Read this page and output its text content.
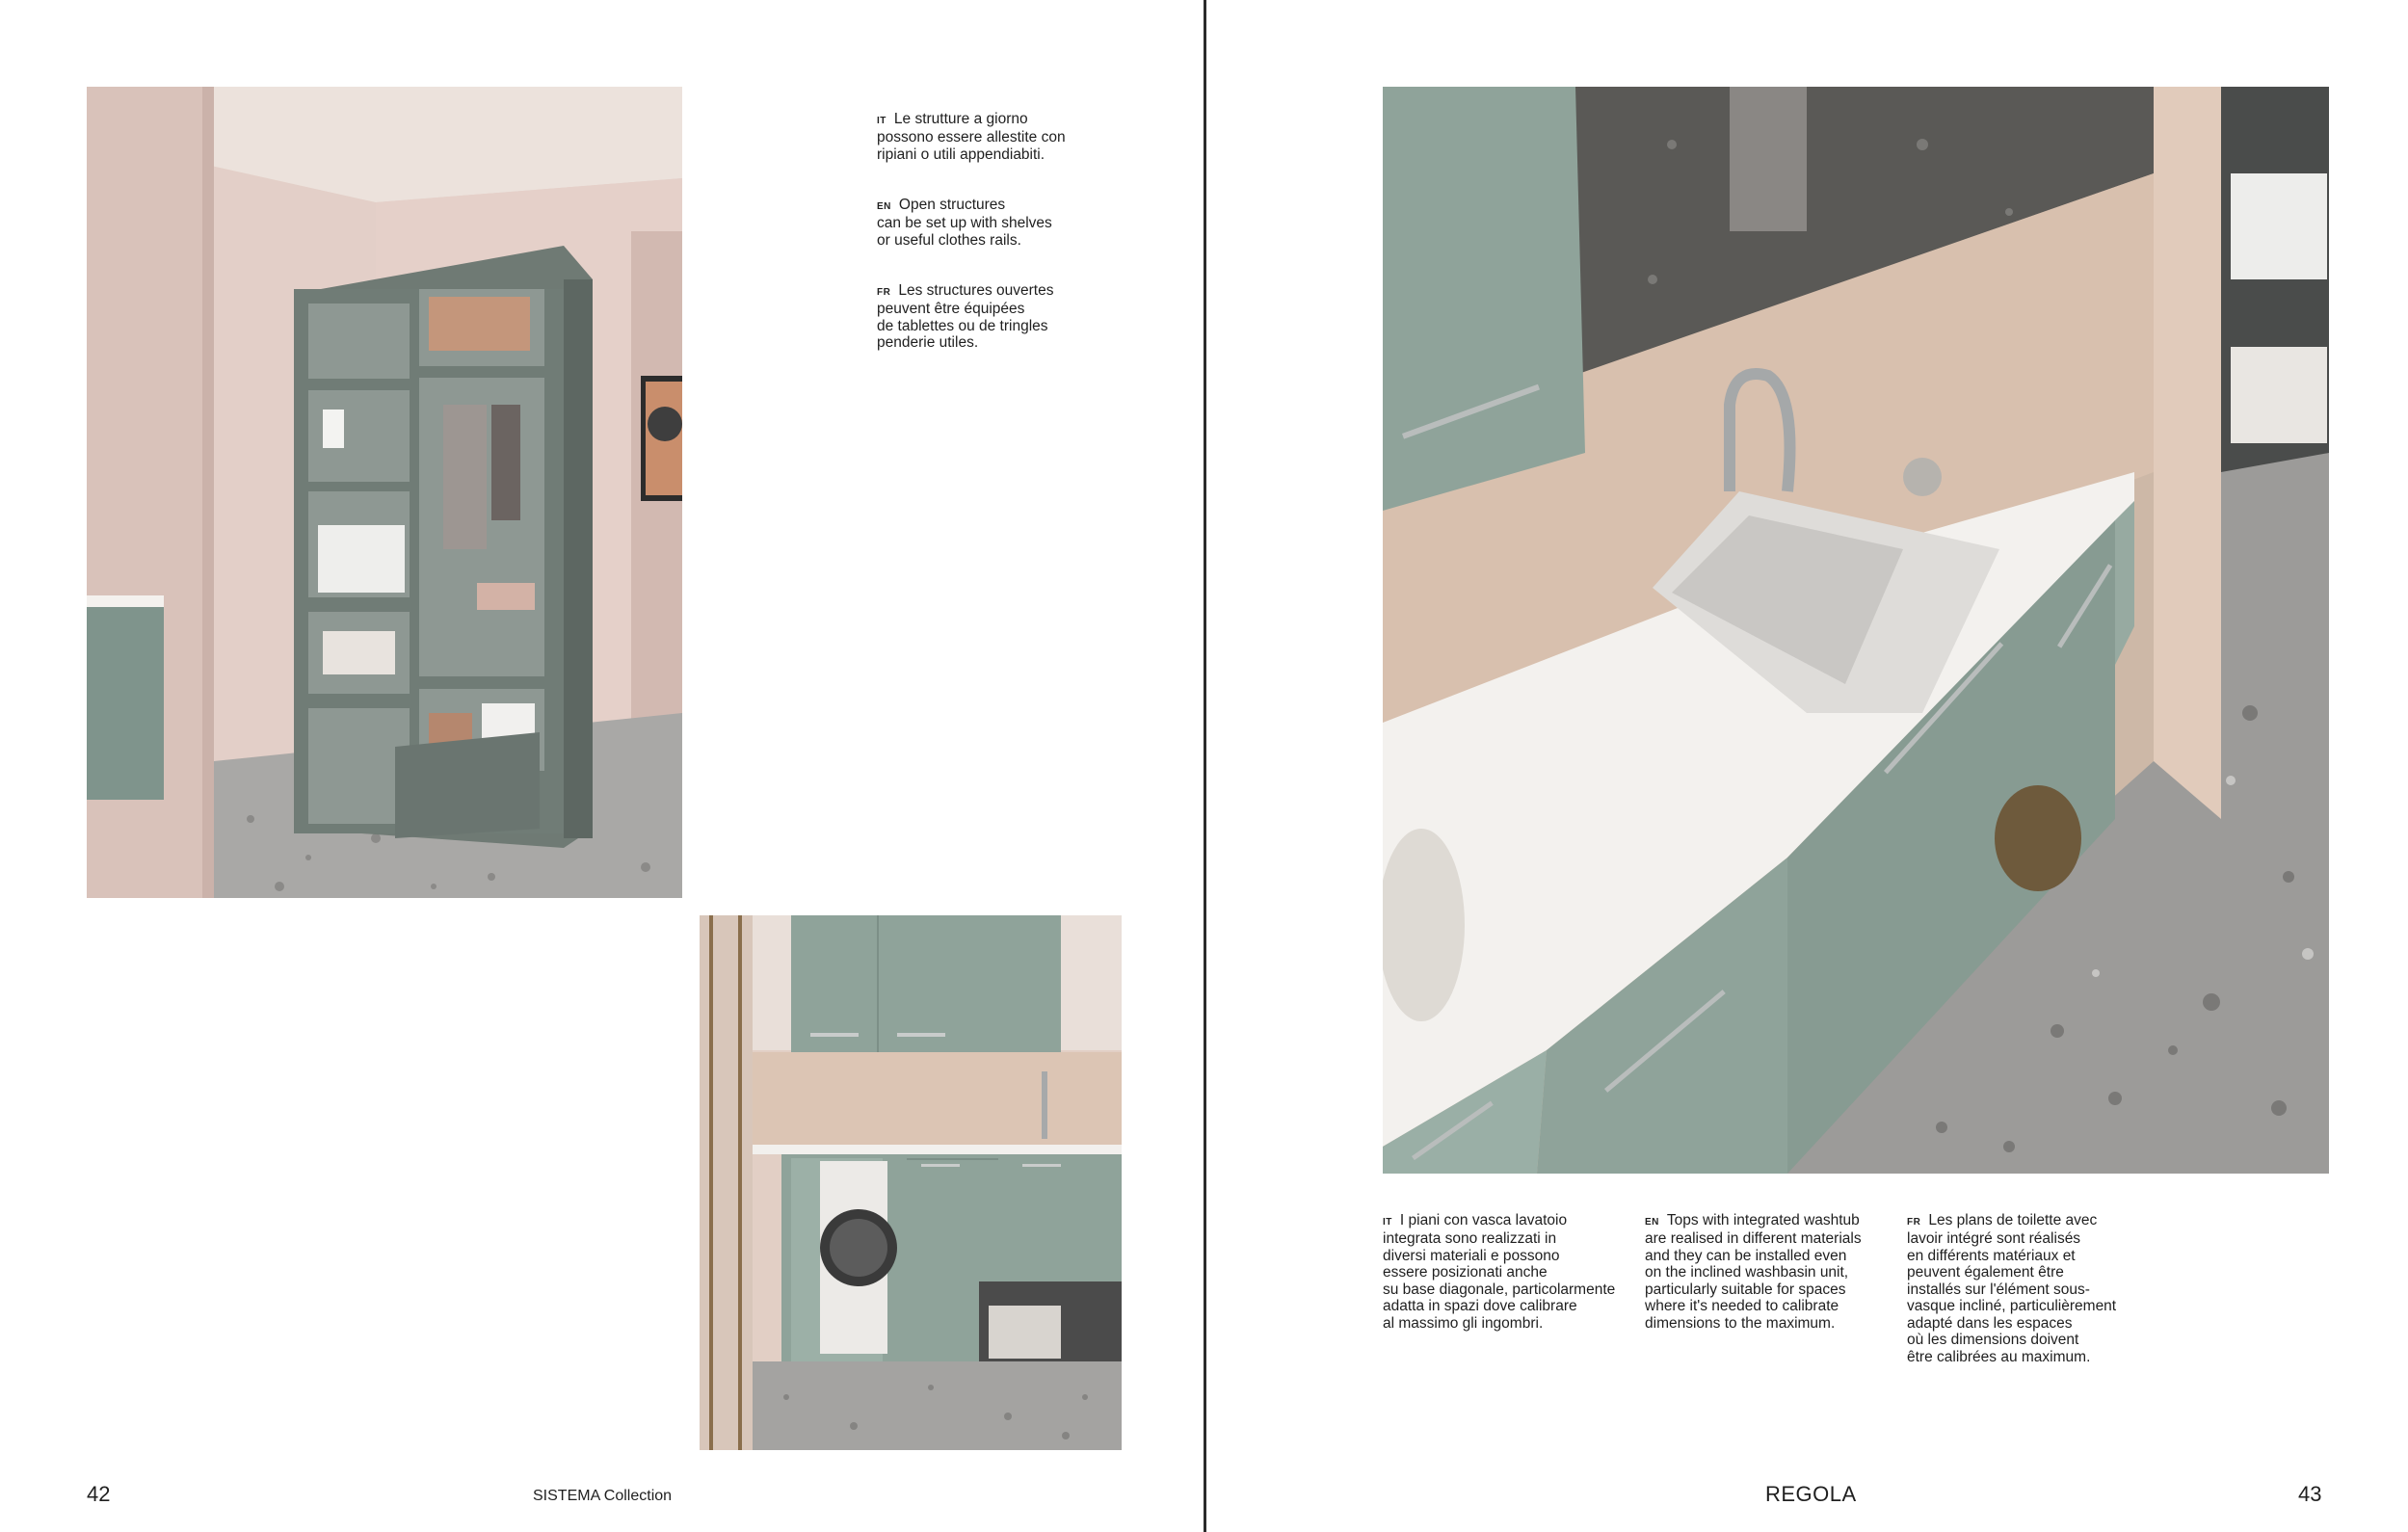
IT Le strutture a giorno
possono essere allestite con
ripiani o utili appendiabiti.

EN Open structures
can be set up with shelves
or useful clothes rails.

FR Les structures ouvertes
peuvent être équipées
de tablettes ou de tringles
penderie utiles.

42	SISTEMA Collection

IT I piani con vasca lavatoio
integrata sono realizzati in
diversi materiali e possono
essere posizionati anche
su base diagonale, particolarmente
adatta in spazi dove calibrare
al massimo gli ingombri.

EN Tops with integrated washtub
are realised in different materials
and they can be installed even
on the inclined washbasin unit,
particularly suitable for spaces
where it's needed to calibrate
dimensions to the maximum.

FR Les plans de toilette avec
lavoir intégré sont réalisés
en différents matériaux et
peuvent également être
installés sur l'élément sous-
vasque incliné, particulièrement
adapté dans les espaces
où les dimensions doivent
être calibrées au maximum.

REGOLA	43
